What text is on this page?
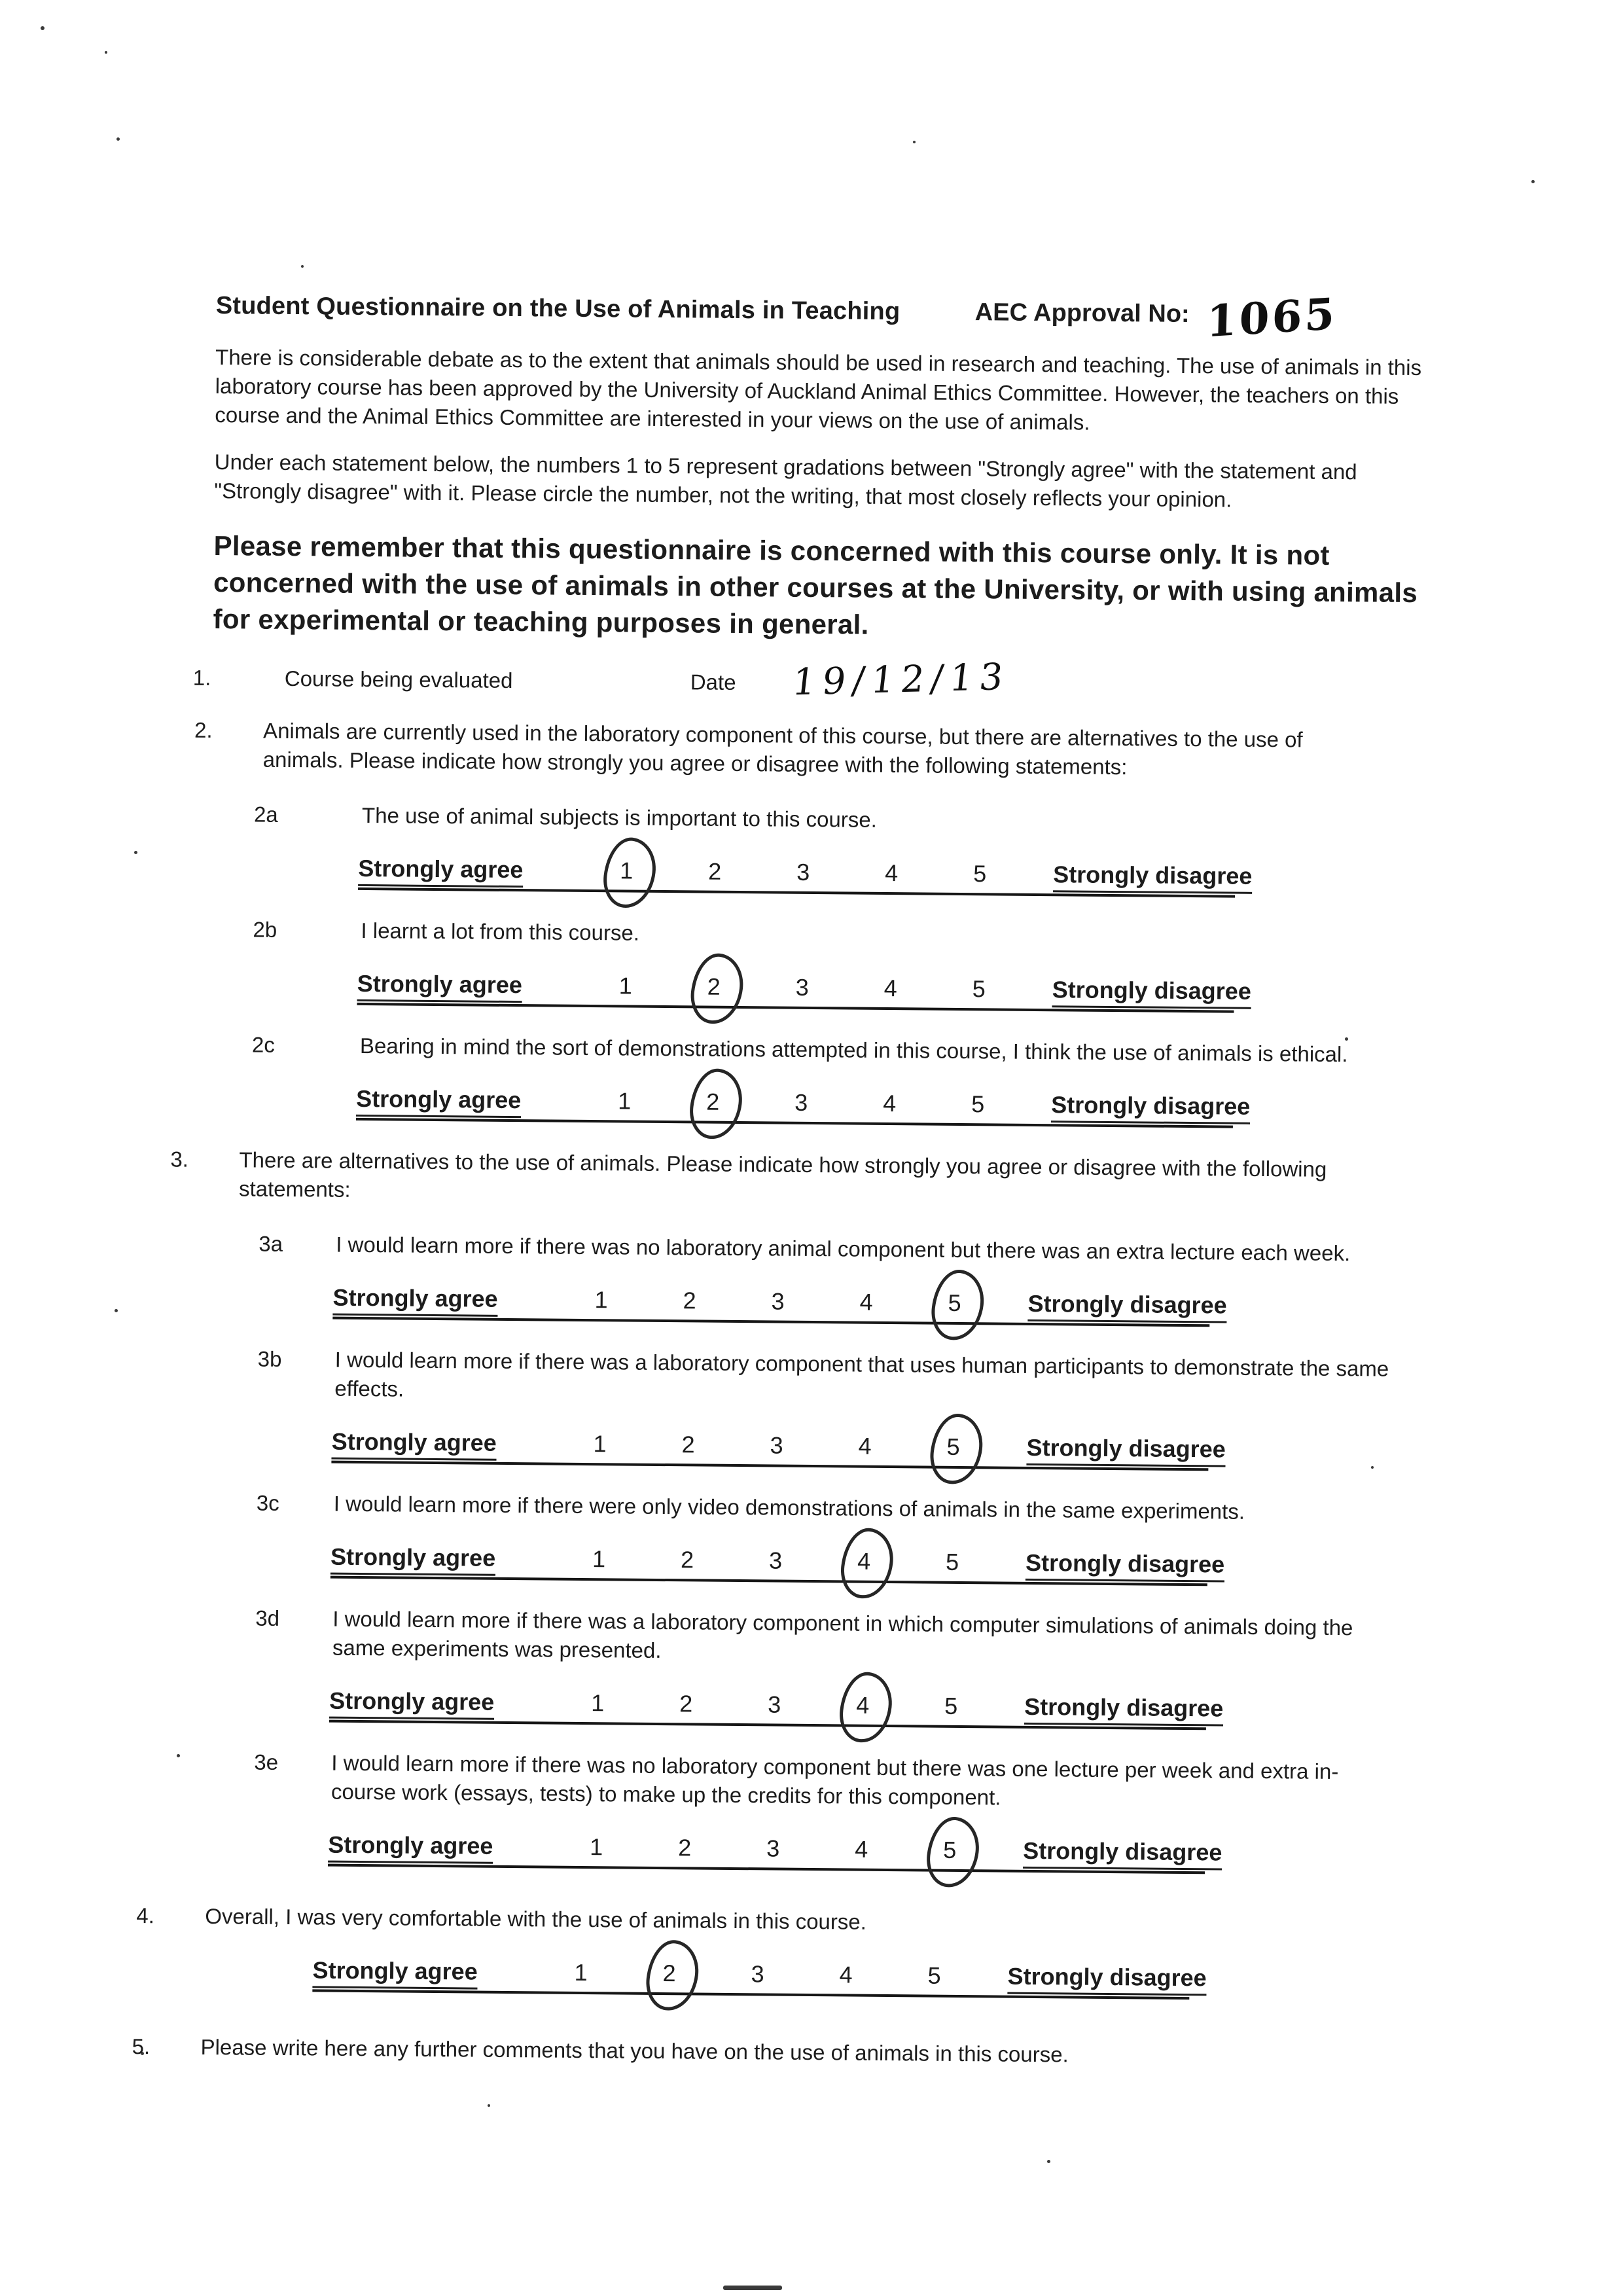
Student Questionnaire on the Use of Animals in Teaching	AEC Approval No: 1065

There is considerable debate as to the extent that animals should be used in research and teaching. The use of animals in this laboratory course has been approved by the University of Auckland Animal Ethics Committee. However, the teachers on this course and the Animal Ethics Committee are interested in your views on the use of animals.

Under each statement below, the numbers 1 to 5 represent gradations between "Strongly agree" with the statement and "Strongly disagree" with it. Please circle the number, not the writing, that most closely reflects your opinion.

Please remember that this questionnaire is concerned with this course only. It is not concerned with the use of animals in other courses at the University, or with using animals for experimental or teaching purposes in general.

1.	Course being evaluated	Date	19/12/13
2.	Animals are currently used in the laboratory component of this course, but there are alternatives to the use of animals. Please indicate how strongly you agree or disagree with the following statements:
2a	The use of animal subjects is important to this course.
Strongly agree	1	2	3	4	5	Strongly disagree
2b	I learnt a lot from this course.
Strongly agree	1	2	3	4	5	Strongly disagree
2c	Bearing in mind the sort of demonstrations attempted in this course, I think the use of animals is ethical.
Strongly agree	1	2	3	4	5	Strongly disagree
3.	There are alternatives to the use of animals. Please indicate how strongly you agree or disagree with the following statements:
3a	I would learn more if there was no laboratory animal component but there was an extra lecture each week.
Strongly agree	1	2	3	4	5	Strongly disagree
3b	I would learn more if there was a laboratory component that uses human participants to demonstrate the same effects.
Strongly agree	1	2	3	4	5	Strongly disagree
3c	I would learn more if there were only video demonstrations of animals in the same experiments.
Strongly agree	1	2	3	4	5	Strongly disagree
3d	I would learn more if there was a laboratory component in which computer simulations of animals doing the same experiments was presented.
Strongly agree	1	2	3	4	5	Strongly disagree
3e	I would learn more if there was no laboratory component but there was one lecture per week and extra in-course work (essays, tests) to make up the credits for this component.
Strongly agree	1	2	3	4	5	Strongly disagree
4.	Overall, I was very comfortable with the use of animals in this course.
Strongly agree	1	2	3	4	5	Strongly disagree
5.	Please write here any further comments that you have on the use of animals in this course.
